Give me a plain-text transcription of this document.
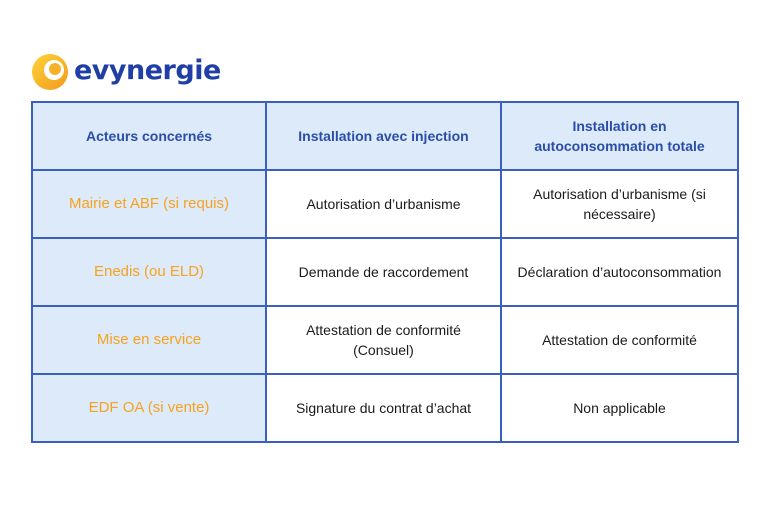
evynergie
Acteurs concernés	Installation avec injection	Installation en autoconsommation totale
Mairie et ABF (si requis)	Autorisation d’urbanisme	Autorisation d’urbanisme (si nécessaire)
Enedis (ou ELD)	Demande de raccordement	Déclaration d’autoconsommation
Mise en service	Attestation de conformité (Consuel)	Attestation de conformité
EDF OA (si vente)	Signature du contrat d’achat	Non applicable
